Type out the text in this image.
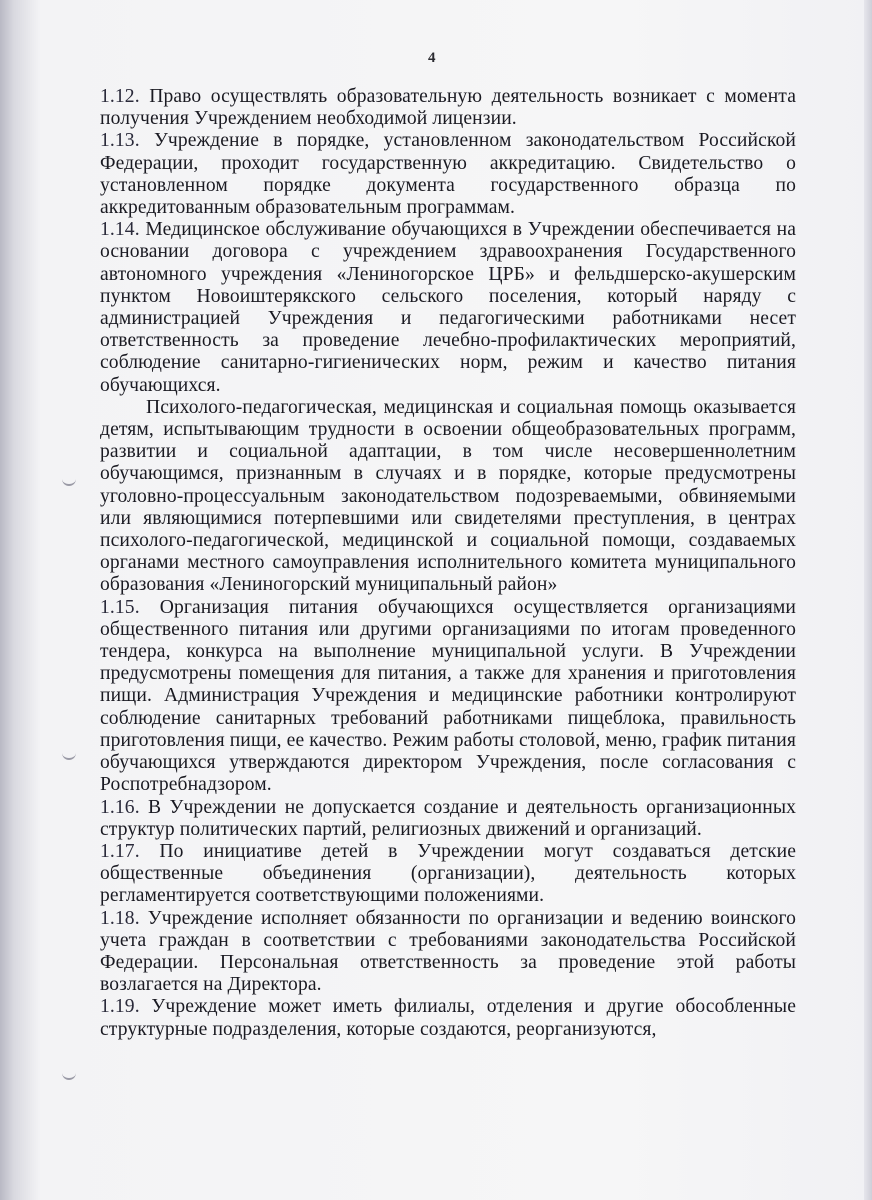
4

1.12. Право осуществлять образовательную деятельность возникает с момента получения Учреждением необходимой лицензии.

1.13. Учреждение в порядке, установленном законодательством Российской Федерации, проходит государственную аккредитацию. Свидетельство о установленном порядке документа государственного образца по аккредитованным образовательным программам.

1.14. Медицинское обслуживание обучающихся в Учреждении обеспечивается на основании договора с учреждением здравоохранения Государственного автономного учреждения «Лениногорское ЦРБ» и фельдшерско-акушерским пунктом Новоиштерякского сельского поселения, который наряду с администрацией Учреждения и педагогическими работниками несет ответственность за проведение лечебно-профилактических мероприятий, соблюдение санитарно-гигиенических норм, режим и качество питания обучающихся.

Психолого-педагогическая, медицинская и социальная помощь оказывается детям, испытывающим трудности в освоении общеобразовательных программ, развитии и социальной адаптации, в том числе несовершеннолетним обучающимся, признанным в случаях и в порядке, которые предусмотрены уголовно-процессуальным законодательством подозреваемыми, обвиняемыми или являющимися потерпевшими или свидетелями преступления, в центрах психолого-педагогической, медицинской и социальной помощи, создаваемых органами местного самоуправления исполнительного комитета муниципального образования «Лениногорский муниципальный район»

1.15. Организация питания обучающихся осуществляется организациями общественного питания или другими организациями по итогам проведенного тендера, конкурса на выполнение муниципальной услуги. В Учреждении предусмотрены помещения для питания, а также для хранения и приготовления пищи. Администрация Учреждения и медицинские работники контролируют соблюдение санитарных требований работниками пищеблока, правильность приготовления пищи, ее качество. Режим работы столовой, меню, график питания обучающихся утверждаются директором Учреждения, после согласования с Роспотребнадзором.

1.16. В Учреждении не допускается создание и деятельность организационных структур политических партий, религиозных движений и организаций.

1.17. По инициативе детей в Учреждении могут создаваться детские общественные объединения (организации), деятельность которых регламентируется соответствующими положениями.

1.18. Учреждение исполняет обязанности по организации и ведению воинского учета граждан в соответствии с требованиями законодательства Российской Федерации. Персональная ответственность за проведение этой работы возлагается на Директора.

1.19. Учреждение может иметь филиалы, отделения и другие обособленные структурные подразделения, которые создаются, реорганизуются,
